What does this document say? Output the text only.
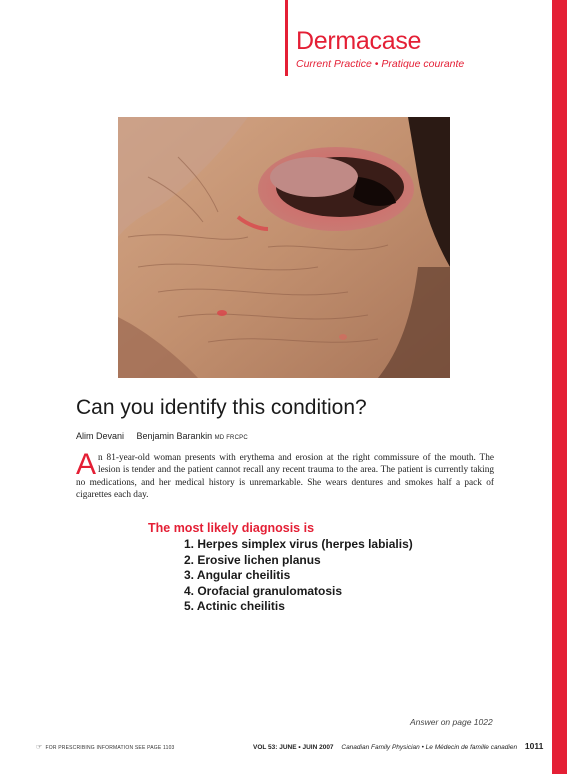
Dermacase
Current Practice • Pratique courante
Can you identify this condition?
Alim Devani Benjamin Barankin MD FRCPC
An 81-year-old woman presents with erythema and erosion at the right commissure of the mouth. The lesion is tender and the patient cannot recall any recent trauma to the area. The patient is currently taking no medications, and her medical history is unremarkable. She wears dentures and smokes half a pack of cigarettes each day.
The most likely diagnosis is
1. Herpes simplex virus (herpes labialis)
2. Erosive lichen planus
3. Angular cheilitis
4. Orofacial granulomatosis
5. Actinic cheilitis
Answer on page 1022
☞ FOR PRESCRIBING INFORMATION SEE PAGE 1103	VOL 53: JUNE • JUIN 2007 Canadian Family Physician • Le Médecin de famille canadien 1011
